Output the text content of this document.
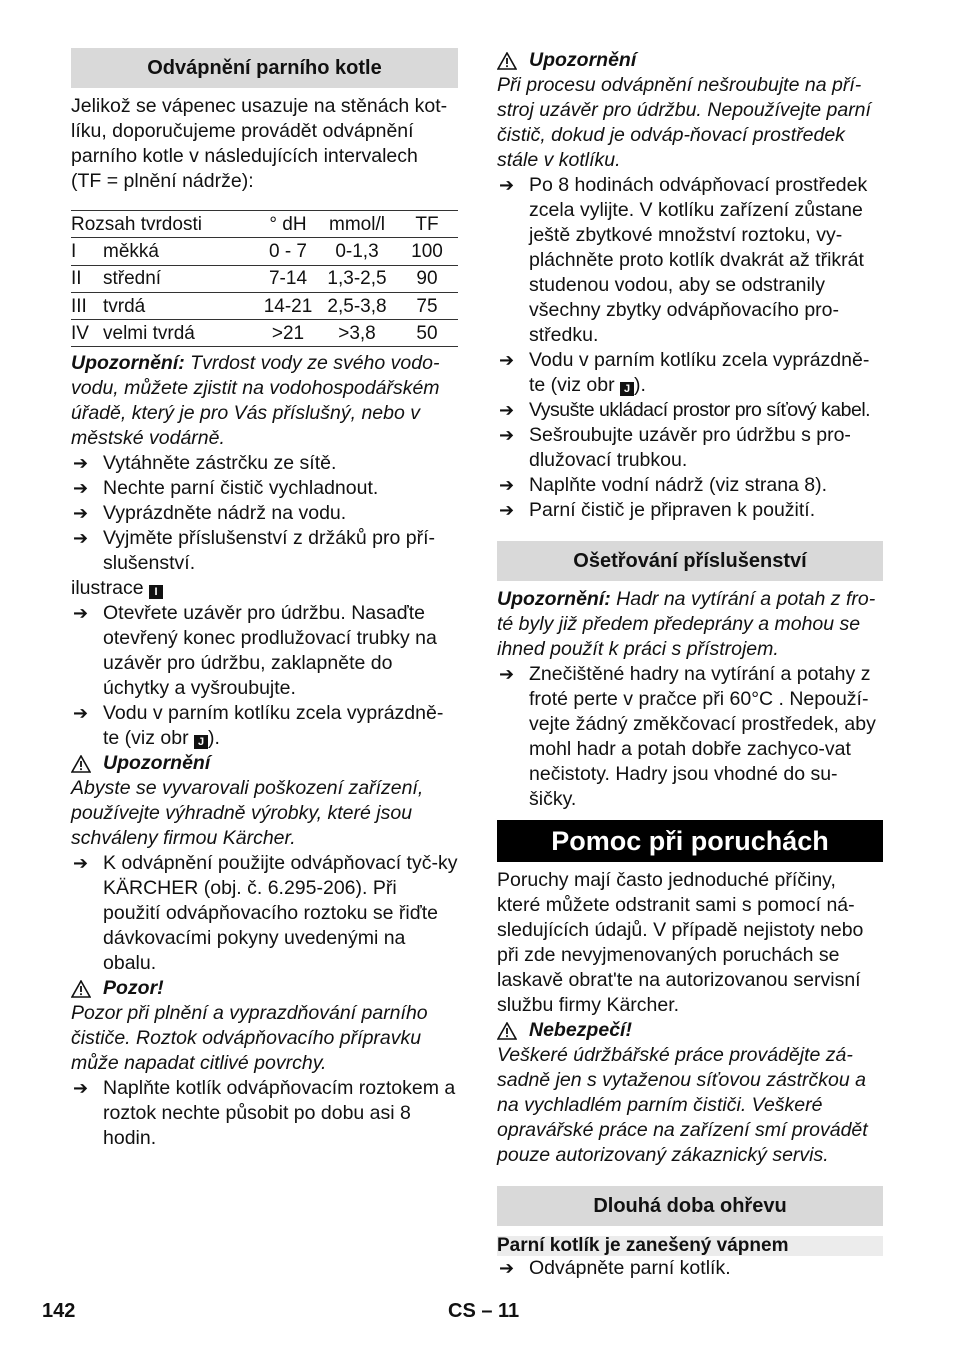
Odvápnění parního kotle

Jelikož se vápenec usazuje na stěnách kot-
líku, doporučujeme provádět odvápnění
parního kotle v následujících intervalech
(TF = plnění nádrže):

Rozsah tvrdosti		° dH	mmol/l	TF
I	měkká	0 - 7	0-1,3	100
II	střední	7-14	1,3-2,5	90
III	tvrdá	14-21	2,5-3,8	75
IV	velmi tvrdá	>21	>3,8	50

Upozornění: Tvrdost vody ze svého vodo-vodu, můžete zjistit na vodohospodářském úřadě, který je pro Vás příslušný, nebo v městské vodárně.

➔ Vytáhněte zástrčku ze sítě.
➔ Nechte parní čistič vychladnout.
➔ Vyprázdněte nádrž na vodu.
➔ Vyjměte příslušenství z držáků pro pří-slušenství.

ilustrace I

➔ Otevřete uzávěr pro údržbu. Nasaďte otevřený konec prodlužovací trubky na uzávěr pro údržbu, zaklapněte do úchytky a vyšroubujte.
➔ Vodu v parním kotlíku zcela vyprázdně-te (viz obr J ).

Upozornění

Abyste se vyvarovali poškození zařízení, používejte výhradně výrobky, které jsou schváleny firmou Kärcher.

➔ K odvápnění použijte odvápňovací tyč-ky KÄRCHER (obj. č. 6.295-206). Při použití odvápňovacího roztoku se řiďte dávkovacími pokyny uvedenými na obalu.

Pozor!

Pozor při plnění a vyprazdňování parního čističe. Roztok odvápňovacího přípravku může napadat citlivé povrchy.

➔ Naplňte kotlík odvápňovacím roztokem a roztok nechte působit po dobu asi 8 hodin.

Upozornění

Při procesu odvápnění nešroubujte na pří-stroj uzávěr pro údržbu. Nepoužívejte parní čistič, dokud je odváp-ňovací prostředek stále v kotlíku.

➔ Po 8 hodinách odvápňovací prostředek zcela vylijte. V kotlíku zařízení zůstane ještě zbytkové množství roztoku, vy-pláchněte proto kotlík dvakrát až třikrát studenou vodou, aby se odstranily všechny zbytky odvápňovacího pro-středku.
➔ Vodu v parním kotlíku zcela vyprázdně-te (viz obr J ).
➔ Vysušte ukládací prostor pro síťový kabel.
➔ Sešroubujte uzávěr pro údržbu s pro-dlužovací trubkou.
➔ Naplňte vodní nádrž (viz strana 8).
➔ Parní čistič je připraven k použití.
Ošetřování příslušenství

Upozornění: Hadr na vytírání a potah z fro-té byly již předem předeprány a mohou se ihned použít k práci s přístrojem.

➔ Znečištěné hadry na vytírání a potahy z froté perte v pračce při 60°C . Nepouží-vejte žádný změkčovací prostředek, aby mohl hadr a potah dobře zachyco-vat nečistoty. Hadry jsou vhodné do su-šičky.
Pomoc při poruchách

Poruchy mají často jednoduché příčiny, které můžete odstranit sami s pomocí ná-sledujících údajů. V případě nejistoty nebo při zde nevyjmenovaných poruchách se laskavě obrat'te na autorizovanou servisní službu firmy Kärcher.

Nebezpečí!

Veškeré údržbářské práce provádějte zá-sadně jen s vytaženou síťovou zástrčkou a na vychladlém parním čističi. Veškeré opravářské práce na zařízení smí provádět pouze autorizovaný zákaznický servis.

Dlouhá doba ohřevu
Parní kotlík je zanešený vápnem
➔ Odvápněte parní kotlík.
142	CS – 11
